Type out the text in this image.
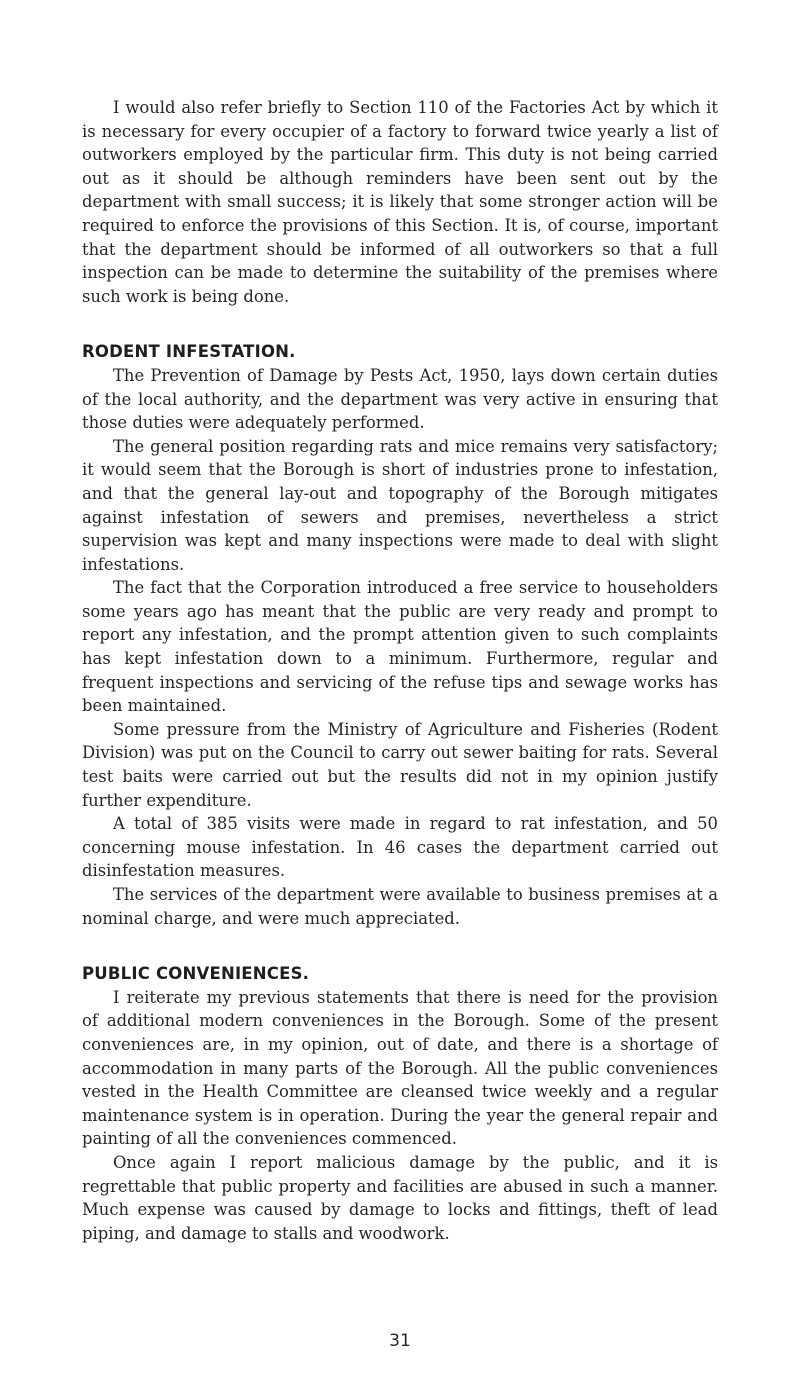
I would also refer briefly to Section 110 of the Factories Act by which it is necessary for every occupier of a factory to forward twice yearly a list of outworkers employed by the particular firm. This duty is not being carried out as it should be although reminders have been sent out by the department with small success; it is likely that some stronger action will be required to enforce the provisions of this Section. It is, of course, important that the department should be informed of all outworkers so that a full inspection can be made to determine the suitability of the premises where such work is being done.

RODENT INFESTATION.

The Prevention of Damage by Pests Act, 1950, lays down certain duties of the local authority, and the department was very active in ensuring that those duties were adequately performed.

The general position regarding rats and mice remains very satisfactory; it would seem that the Borough is short of industries prone to infestation, and that the general lay-out and topography of the Borough mitigates against infestation of sewers and premises, nevertheless a strict supervision was kept and many inspections were made to deal with slight infestations.

The fact that the Corporation introduced a free service to householders some years ago has meant that the public are very ready and prompt to report any infestation, and the prompt attention given to such complaints has kept infestation down to a minimum. Furthermore, regular and frequent inspections and servicing of the refuse tips and sewage works has been maintained.

Some pressure from the Ministry of Agriculture and Fisheries (Rodent Division) was put on the Council to carry out sewer baiting for rats. Several test baits were carried out but the results did not in my opinion justify further expenditure.

A total of 385 visits were made in regard to rat infestation, and 50 concerning mouse infestation. In 46 cases the department carried out disinfestation measures.

The services of the department were available to business premises at a nominal charge, and were much appreciated.

PUBLIC CONVENIENCES.

I reiterate my previous statements that there is need for the provision of additional modern conveniences in the Borough. Some of the present conveniences are, in my opinion, out of date, and there is a shortage of accommodation in many parts of the Borough. All the public conveniences vested in the Health Committee are cleansed twice weekly and a regular maintenance system is in operation. During the year the general repair and painting of all the conveniences commenced.

Once again I report malicious damage by the public, and it is regrettable that public property and facilities are abused in such a manner. Much expense was caused by damage to locks and fittings, theft of lead piping, and damage to stalls and woodwork.

31
